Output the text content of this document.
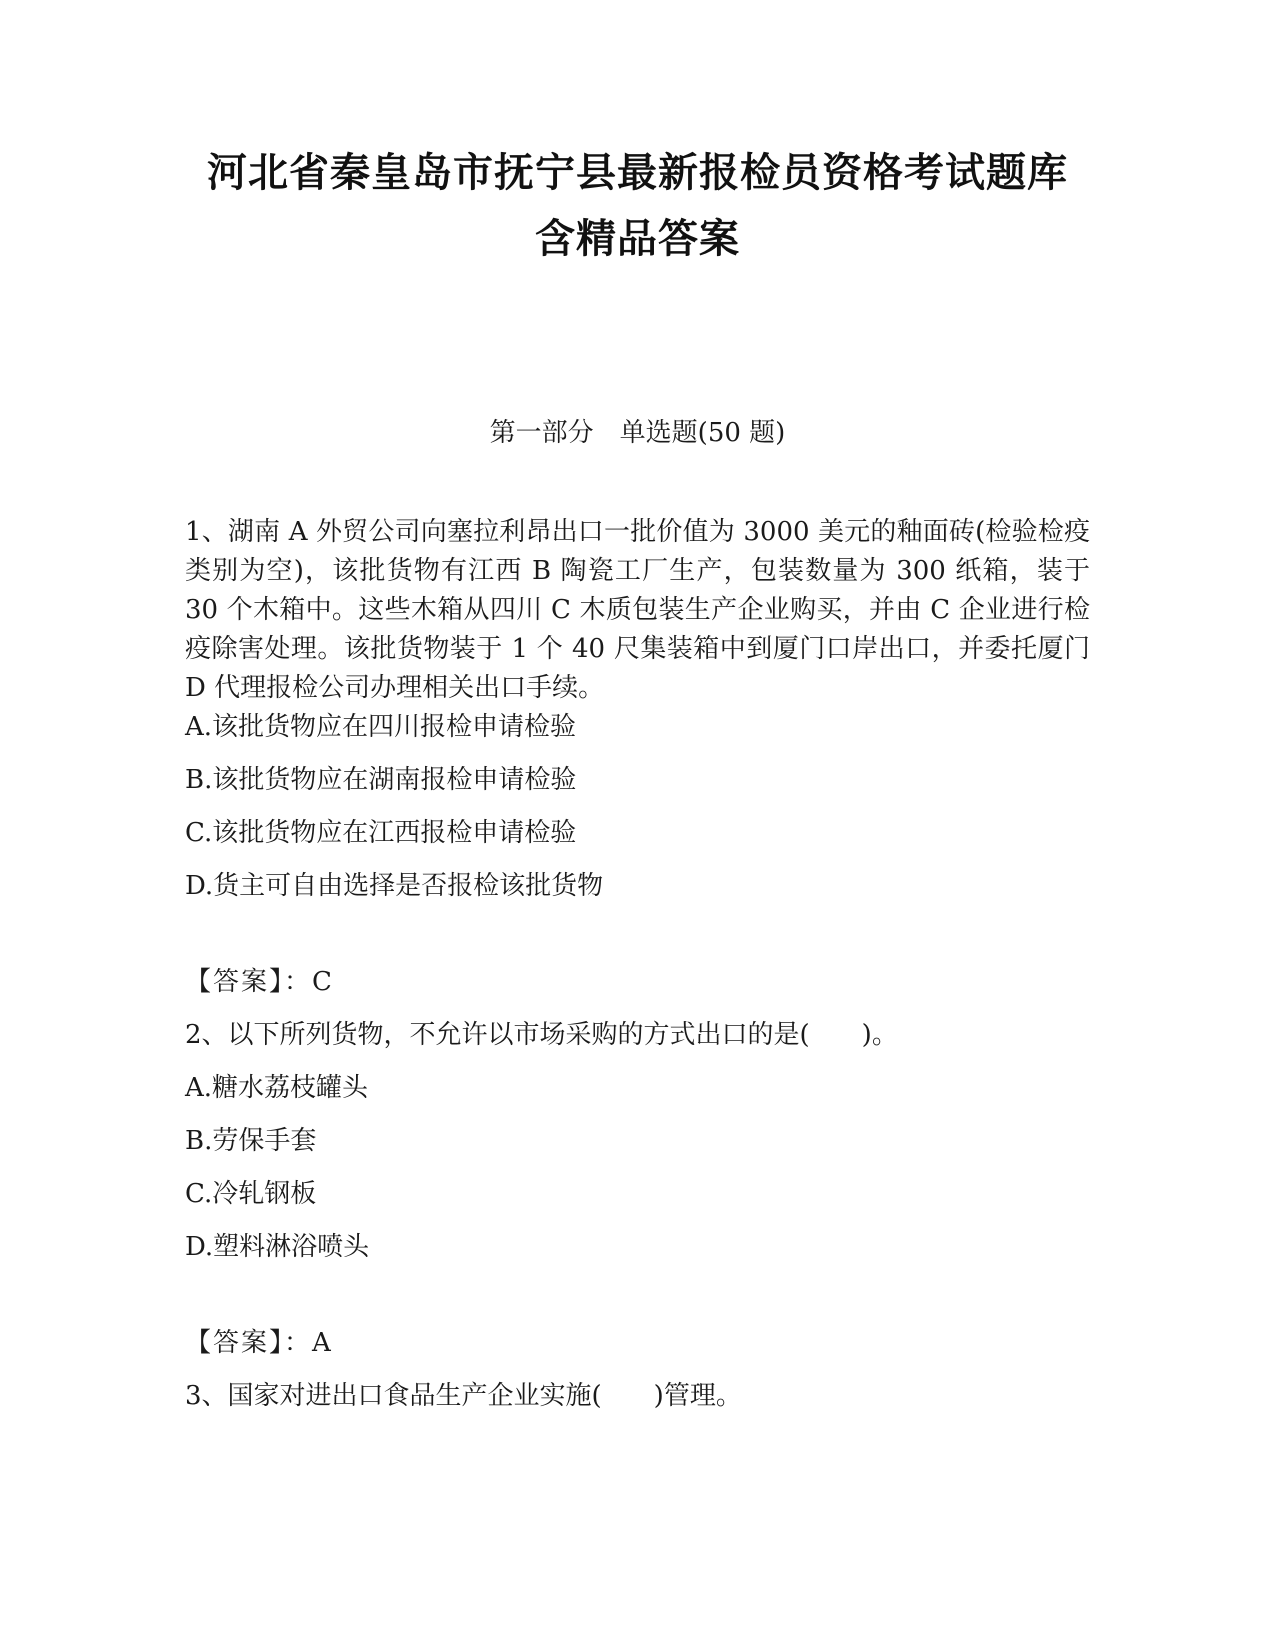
河北省秦皇岛市抚宁县最新报检员资格考试题库
含精品答案
第一部分　单选题(50 题)
1、湖南 A 外贸公司向塞拉利昂出口一批价值为 3000 美元的釉面砖(检验检疫类别为空)，该批货物有江西 B 陶瓷工厂生产，包装数量为 300 纸箱，装于 30 个木箱中。这些木箱从四川 C 木质包装生产企业购买，并由 C 企业进行检疫除害处理。该批货物装于 1 个 40 尺集装箱中到厦门口岸出口，并委托厦门 D 代理报检公司办理相关出口手续。
A.该批货物应在四川报检申请检验
B.该批货物应在湖南报检申请检验
C.该批货物应在江西报检申请检验
D.货主可自由选择是否报检该批货物
【答案】：C
2、以下所列货物，不允许以市场采购的方式出口的是(　　)。
A.糖水荔枝罐头
B.劳保手套
C.冷轧钢板
D.塑料淋浴喷头
【答案】：A
3、国家对进出口食品生产企业实施(　　)管理。
